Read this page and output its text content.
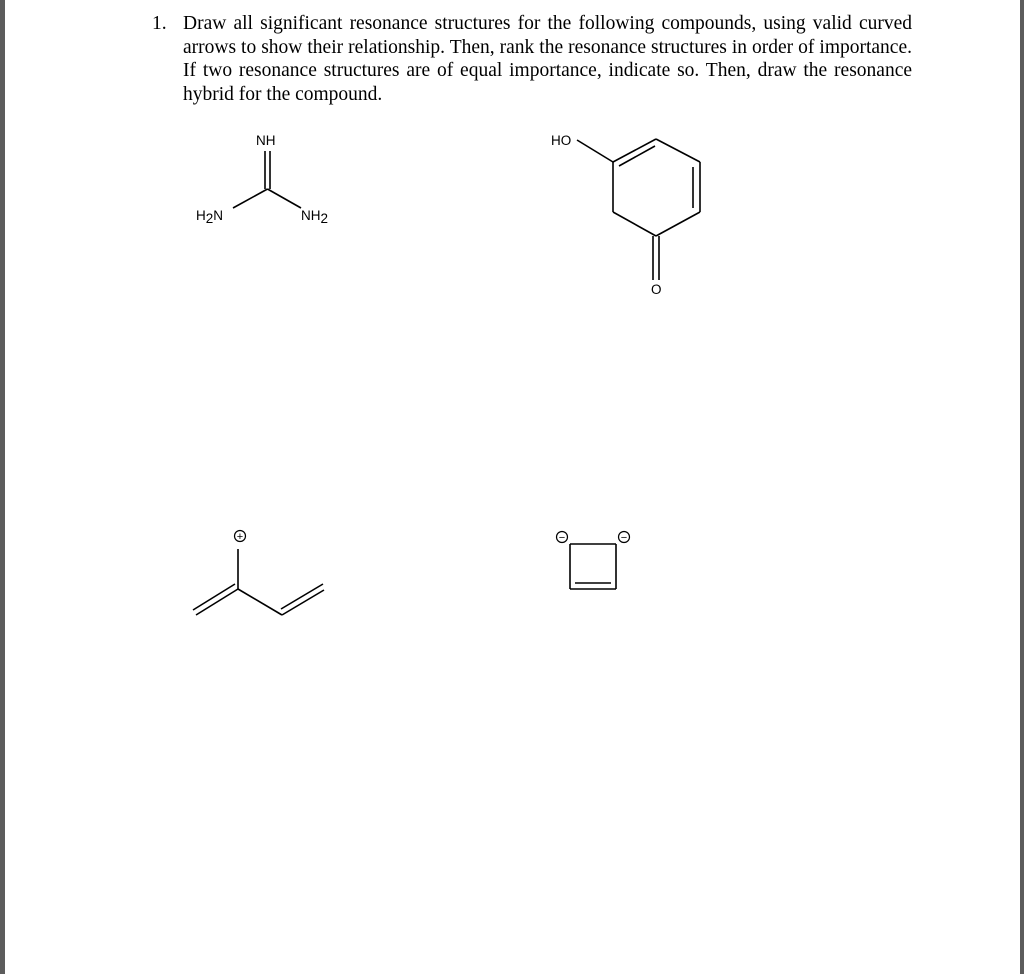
1. Draw all significant resonance structures for the following compounds, using valid curved arrows to show their relationship. Then, rank the resonance structures in order of importance. If two resonance structures are of equal importance, indicate so. Then, draw the resonance hybrid for the compound.
NH
H2N	NH2
HO
O
+	−	−
